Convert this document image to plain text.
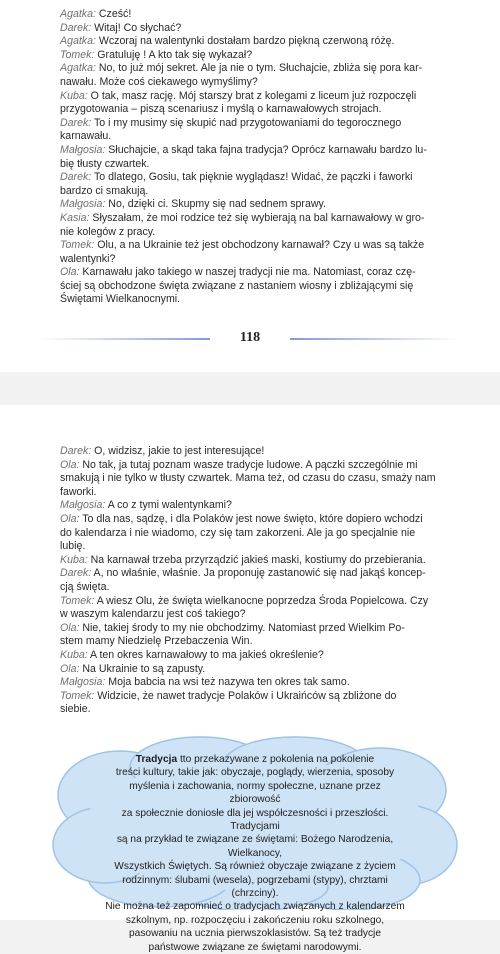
Agatka: Cześć!
Darek: Witaj! Co słychać?
Agatka: Wczoraj na walentynki dostałam bardzo piękną czerwoną różę.
Tomek: Gratuluję ! A kto tak się wykazał?
Agatka: No, to już mój sekret. Ale ja nie o tym. Słuchajcie, zbliża się pora kar-
nawału. Może coś ciekawego wymyślimy?
Kuba: O tak, masz rację. Mój starszy brat z kolegami z liceum już rozpoczęli
przygotowania – piszą scenariusz i myślą o karnawałowych strojach.
Darek: To i my musimy się skupić nad przygotowaniami do tegorocznego
karnawału.
Małgosia: Słuchajcie, a skąd taka fajna tradycja? Oprócz karnawału bardzo lu-
bię tłusty czwartek.
Darek: To dlatego, Gosiu, tak pięknie wyglądasz! Widać, że pączki i faworki
bardzo ci smakują.
Małgosia: No, dzięki ci. Skupmy się nad sednem sprawy.
Kasia: Słyszałam, że moi rodzice też się wybierają na bal karnawałowy w gro-
nie kolegów z pracy.
Tomek: Olu, a na Ukrainie też jest obchodzony karnawał? Czy u was są także
walentynki?
Ola: Karnawału jako takiego w naszej tradycji nie ma. Natomiast, coraz czę-
ściej są obchodzone święta związane z nastaniem wiosny i zbliżającymi się
Świętami Wielkanocnymi.
118
Darek: O, widzisz, jakie to jest interesujące!
Ola: No tak, ja tutaj poznam wasze tradycje ludowe. A pączki szczególnie mi
smakują i nie tylko w tłusty czwartek. Mama też, od czasu do czasu, smaży nam
faworki.
Małgosia: A co z tymi walentynkami?
Ola: To dla nas, sądzę, i dla Polaków jest nowe święto, które dopiero wchodzi
do kalendarza i nie wiadomo, czy się tam zakorzeni. Ale ja go specjalnie nie
lubię.
Kuba: Na karnawał trzeba przyrządzić jakieś maski, kostiumy do przebierania.
Darek: A, no właśnie, właśnie. Ja proponuję zastanowić się nad jakąś koncep-
cją święta.
Tomek: A wiesz Olu, że święta wielkanocne poprzedza Środa Popielcowa. Czy
w waszym kalendarzu jest coś takiego?
Ola: Nie, takiej środy to my nie obchodzimy. Natomiast przed Wielkim Po-
stem mamy Niedzielę Przebaczenia Win.
Kuba: A ten okres karnawałowy to ma jakieś określenie?
Ola: Na Ukrainie to są zapusty.
Małgosia: Moja babcia na wsi też nazywa ten okres tak samo.
Tomek: Widzicie, że nawet tradycje Polaków i Ukraińców są zbliżone do
siebie.
Tradycja tto przekazywane z pokolenia na pokolenie
treści kultury, takie jak: obyczaje, poglądy, wierzenia, sposoby
myślenia i zachowania, normy społeczne, uznane przez zbiorowość
za społecznie doniosłe dla jej współczesności i przeszłości. Tradycjami
są na przykład te związane ze świętami: Bożego Narodzenia, Wielkanocy,
Wszystkich Świętych. Są również obyczaje związane z życiem
rodzinnym: ślubami (wesela), pogrzebami (stypy), chrztami (chrzciny).
Nie można też zapomnieć o tradycjach związanych z kalendarzem
szkolnym, np. rozpoczęciu i zakończeniu roku szkolnego,
pasowaniu na ucznia pierwszoklasistów. Są też tradycje
państwowe związane ze świętami narodowymi.
